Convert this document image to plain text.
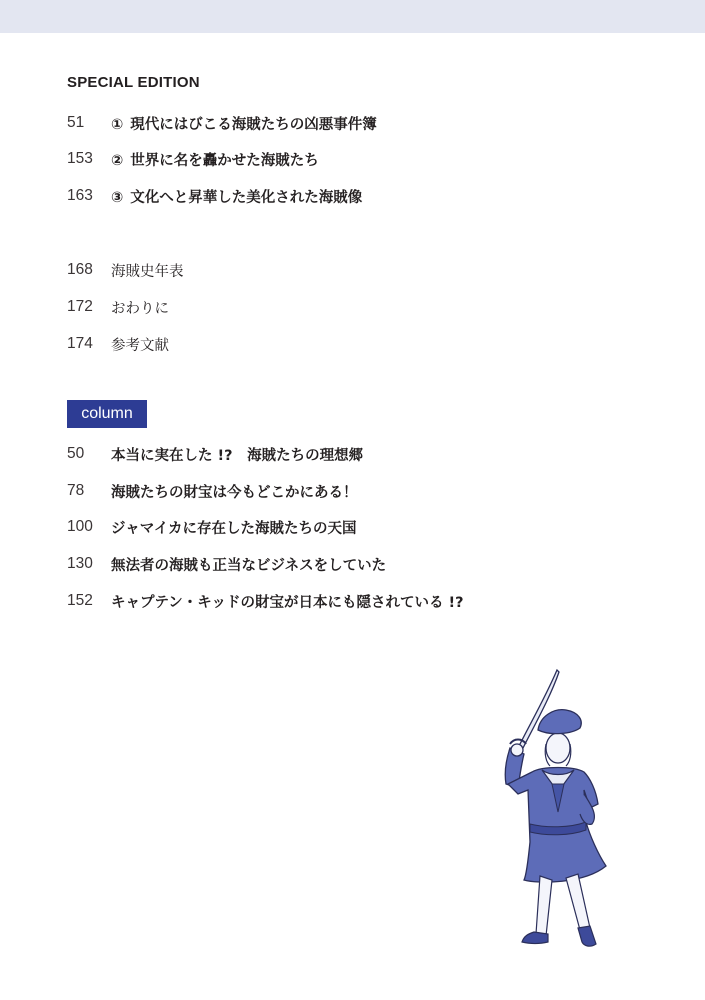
SPECIAL EDITION
51	① 現代にはびこる海賊たちの凶悪事件簿
153	② 世界に名を轟かせた海賊たち
163	③ 文化へと昇華した美化された海賊像
168	海賊史年表
172	おわりに
174	参考文献
column
50	本当に実在した !?　海賊たちの理想郷
78	海賊たちの財宝は今もどこかにある！
100	ジャマイカに存在した海賊たちの天国
130	無法者の海賊も正当なビジネスをしていた
152	キャプテン・キッドの財宝が日本にも隠されている !?
